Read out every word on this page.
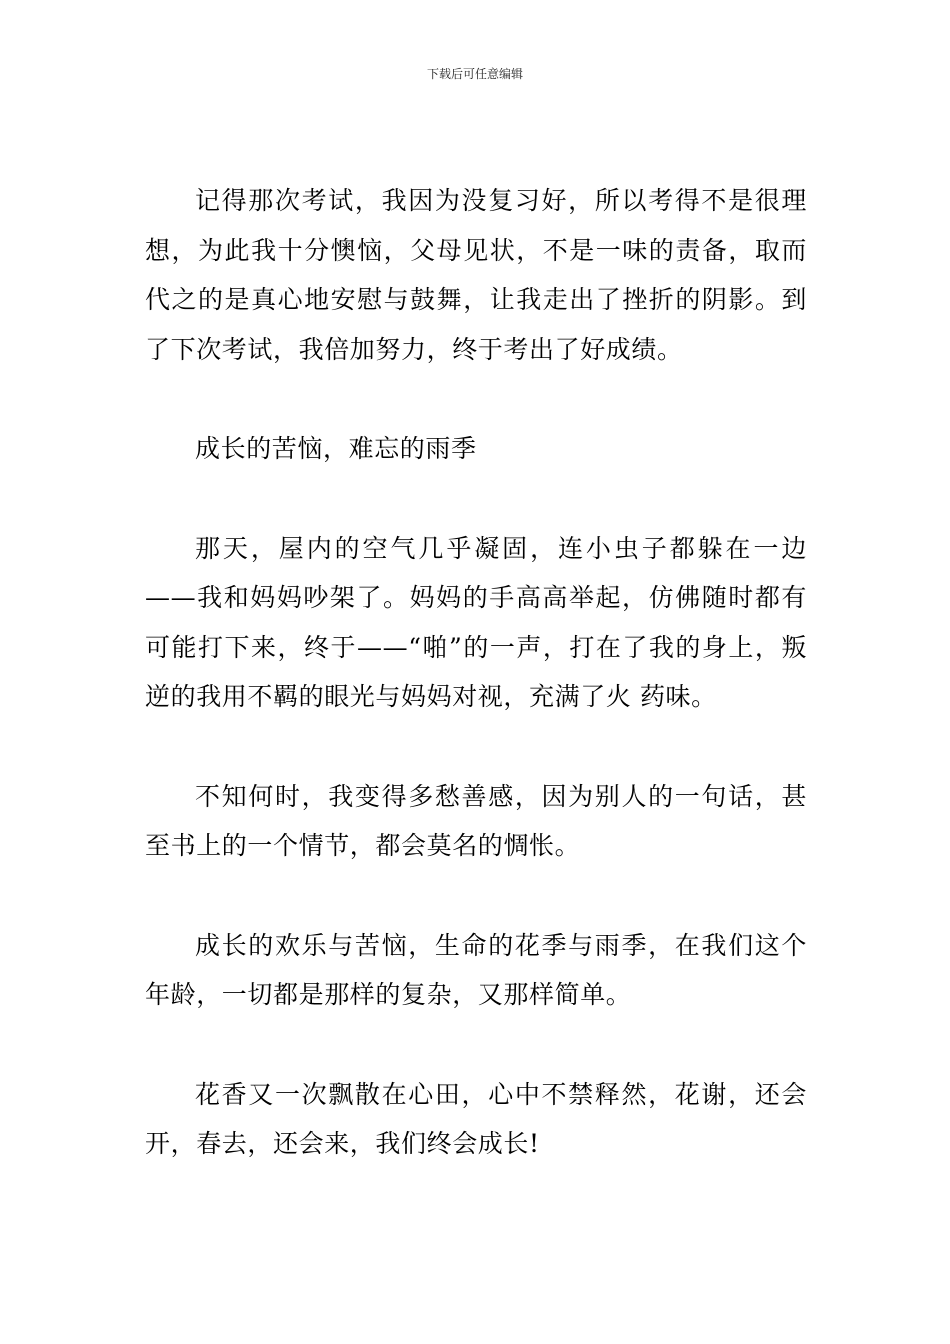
下载后可任意编辑

记得那次考试，我因为没复习好，所以考得不是很理想，为此我十分懊恼，父母见状，不是一味的责备，取而代之的是真心地安慰与鼓舞，让我走出了挫折的阴影。到了下次考试，我倍加努力，终于考出了好成绩。

成长的苦恼，难忘的雨季

那天，屋内的空气几乎凝固，连小虫子都躲在一边——我和妈妈吵架了。妈妈的手高高举起，仿佛随时都有可能打下来，终于——“啪”的一声，打在了我的身上，叛逆的我用不羁的眼光与妈妈对视，充满了火 药味。

不知何时，我变得多愁善感，因为别人的一句话，甚至书上的一个情节，都会莫名的惆怅。

成长的欢乐与苦恼，生命的花季与雨季，在我们这个年龄，一切都是那样的复杂，又那样简单。

花香又一次飘散在心田，心中不禁释然，花谢，还会开，春去，还会来，我们终会成长!
